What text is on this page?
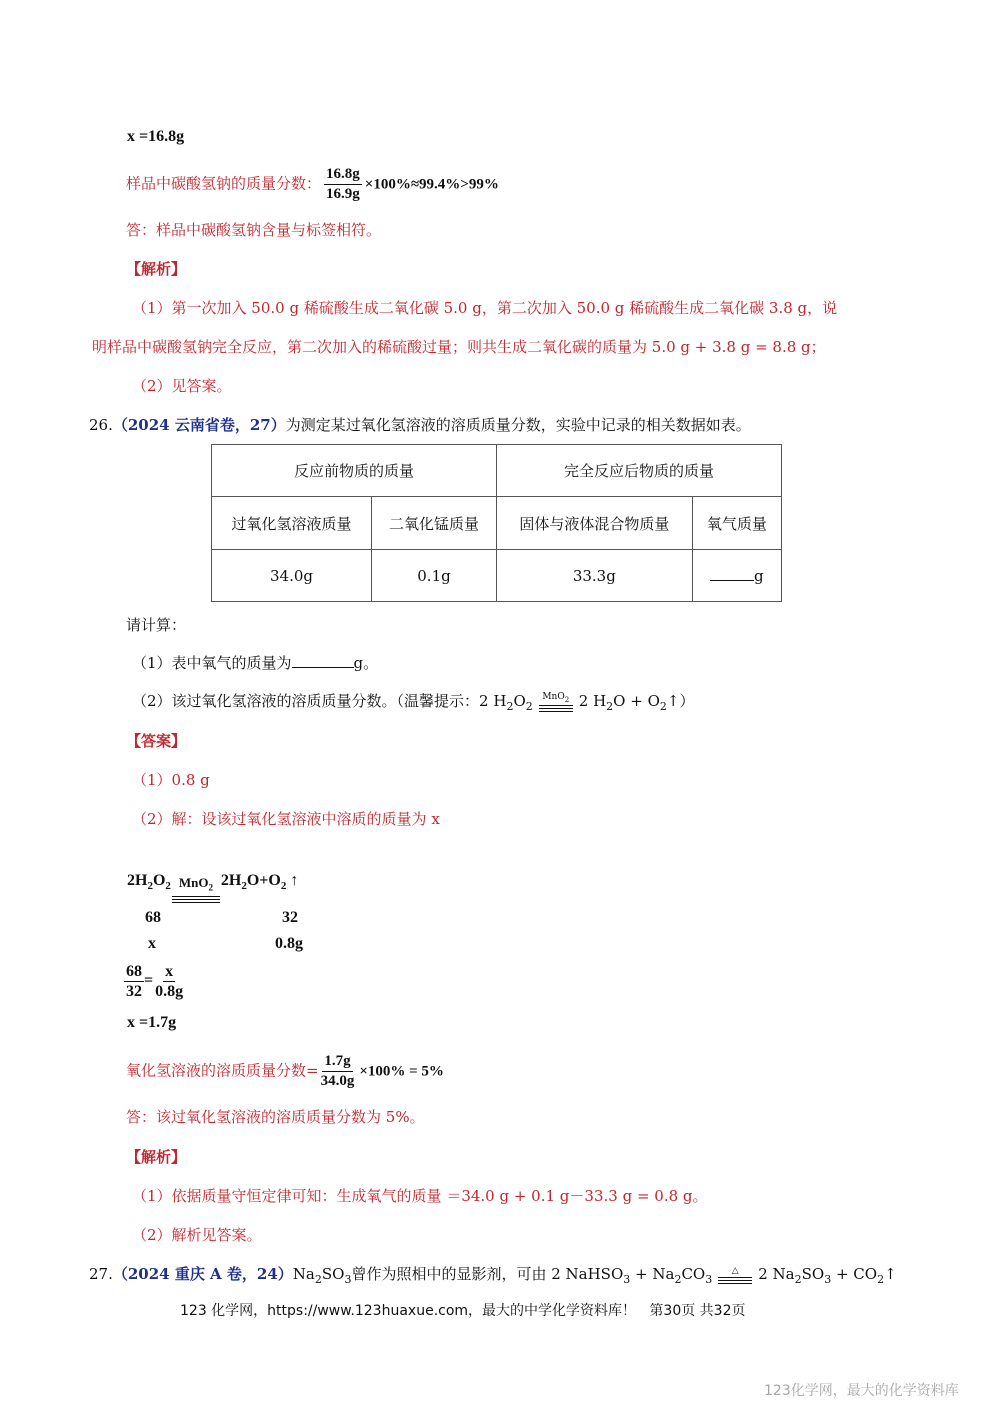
x =16.8g
样品中碳酸氢钠的质量分数： $\frac{16.8g}{16.9g} \times 100\%\approx 99.4\%>99\%$
答：样品中碳酸氢钠含量与标签相符。
【解析】
（1）第一次加入 50.0 g 稀硫酸生成二氧化碳 5.0 g，第二次加入 50.0 g 稀硫酸生成二氧化碳 3.8 g，说
明样品中碳酸氢钠完全反应，第二次加入的稀硫酸过量；则共生成二氧化碳的质量为 5.0 g + 3.8 g = 8.8 g；
（2）见答案。
26.（2024 云南省卷，27）为测定某过氧化氢溶液的溶质质量分数，实验中记录的相关数据如表。
反应前物质的质量		完全反应后物质的质量	
过氧化氢溶液质量	二氧化锰质量	固体与液体混合物质量	氧气质量
34.0g	0.1g	33.3g	g
请计算：
（1）表中氧气的质量为	g。
（2）该过氧化氢溶液的溶质质量分数。（温馨提示：2 $H_2O_2$
MnO$_2$ 2 $H_2O$ + $O_2↑$）
【答案】
（1）0.8 g
（2）解：设该过氧化氢溶液中溶质的质量为 x
$2H_2O_2$ MnO$_2$ $2H_2O+O_2$ ↑
68	32
x	0.8g
$\frac{68}{32} = \frac{x}{0.8g}$
x =1.7g
氧化氢溶液的溶质质量分数= $\frac{1.7g}{34.0g} \times 100\% = 5\%$
答：该过氧化氢溶液的溶质质量分数为 5%。
【解析】
（1）依据质量守恒定律可知：生成氧气的质量 ＝34.0 g + 0.1 g－33.3 g = 0.8 g。
（2）解析见答案。
27.（2024 重庆 A 卷，$24)Na_2SO_3$曾作为照相中的显影剂，可由 2 NaHSO$_3$ + $Na_2CO_3$
△ 2 $Na_2SO_3$ + $CO_2↑$
123 化学网，https://www.123huaxue.com，最大的中学化学资料库！ 第30页 共32页
123化学网，最大的化学资料库
